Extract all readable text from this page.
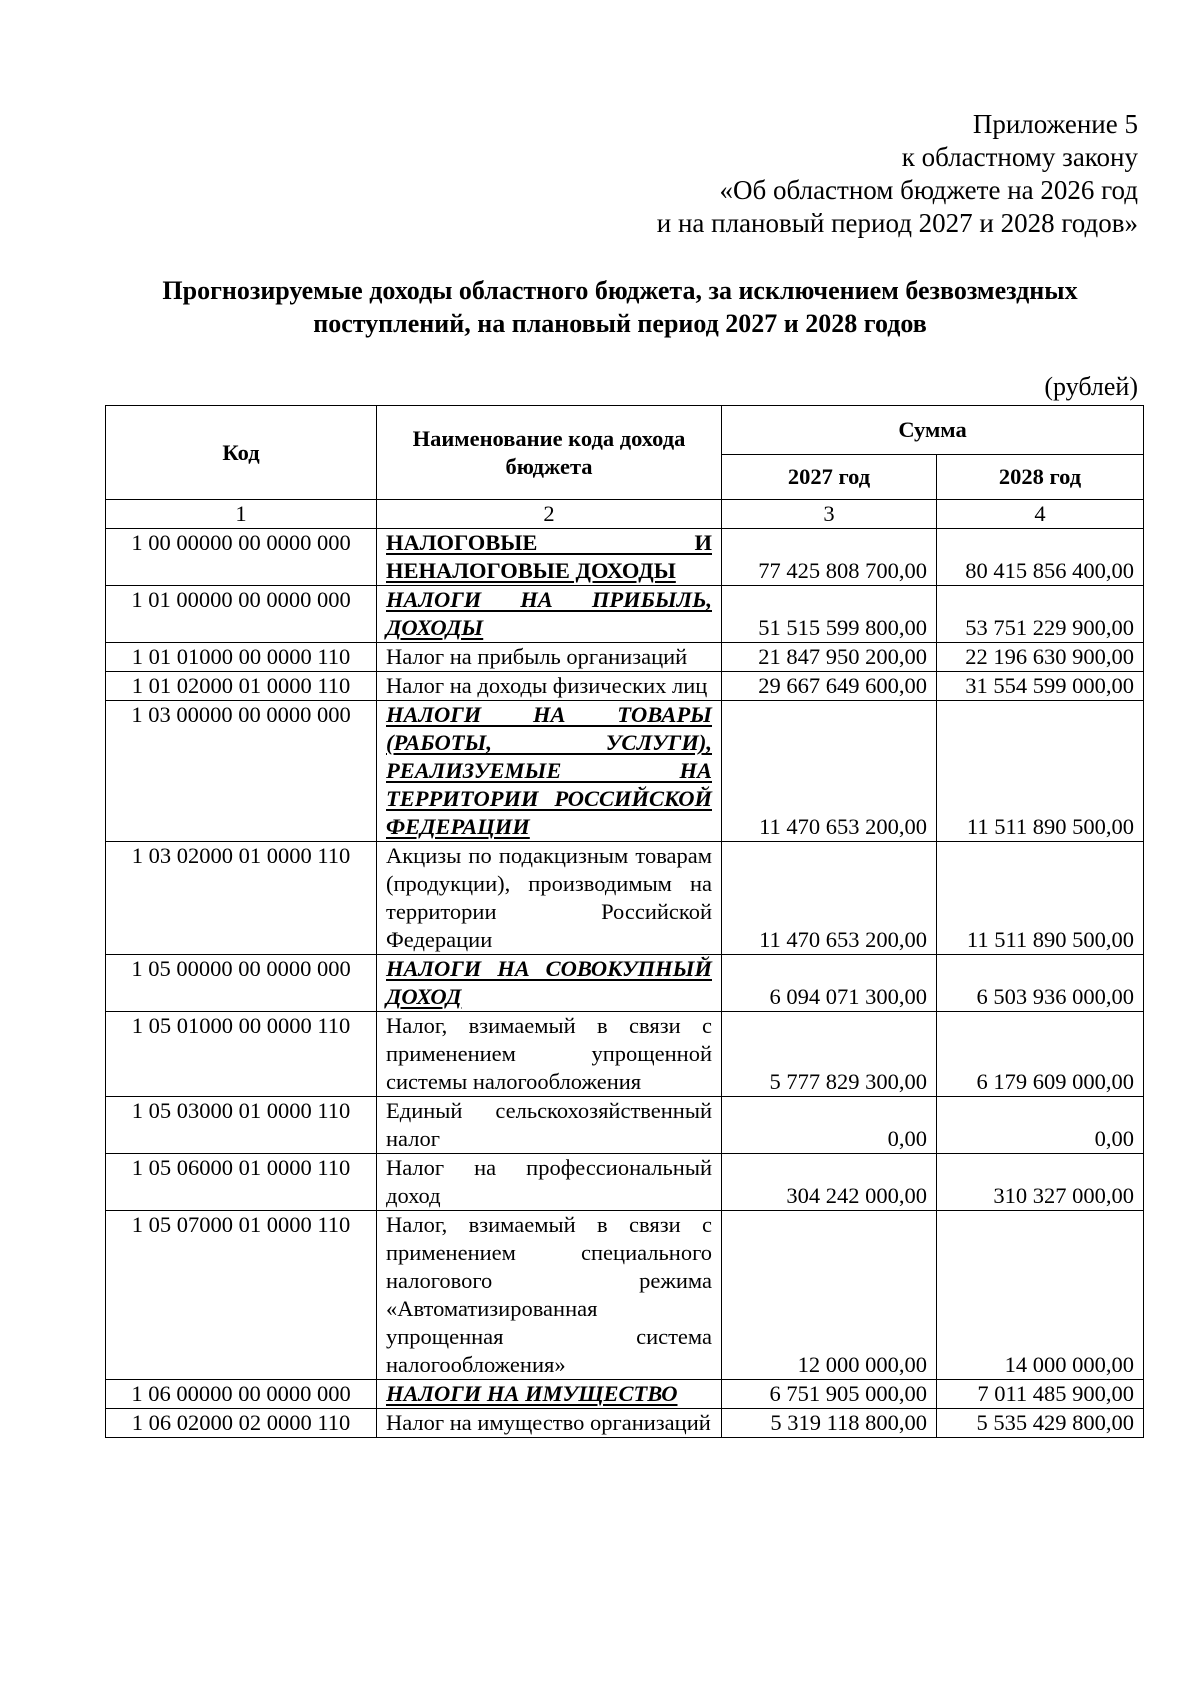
Приложение 5
к областному закону
«Об областном бюджете на 2026 год
и на плановый период 2027 и 2028 годов»
Прогнозируемые доходы областного бюджета, за исключением безвозмездных
поступлений, на плановый период 2027 и 2028 годов
(рублей)
Код	Наименование кода дохода бюджета	Сумма	
		2027 год	2028 год
1	2	3	4
1 00 00000 00 0000 000	НАЛОГОВЫЕ И НЕНАЛОГОВЫЕ ДОХОДЫ	77 425 808 700,00	80 415 856 400,00
1 01 00000 00 0000 000	НАЛОГИ НА ПРИБЫЛЬ, ДОХОДЫ	51 515 599 800,00	53 751 229 900,00
1 01 01000 00 0000 110	Налог на прибыль организаций	21 847 950 200,00	22 196 630 900,00
1 01 02000 01 0000 110	Налог на доходы физических лиц	29 667 649 600,00	31 554 599 000,00
1 03 00000 00 0000 000	НАЛОГИ НА ТОВАРЫ (РАБОТЫ, УСЛУГИ), РЕАЛИЗУЕМЫЕ НА ТЕРРИТОРИИ РОССИЙСКОЙ ФЕДЕРАЦИИ	11 470 653 200,00	11 511 890 500,00
1 03 02000 01 0000 110	Акцизы по подакцизным товарам (продукции), производимым на территории Российской Федерации	11 470 653 200,00	11 511 890 500,00
1 05 00000 00 0000 000	НАЛОГИ НА СОВОКУПНЫЙ ДОХОД	6 094 071 300,00	6 503 936 000,00
1 05 01000 00 0000 110	Налог, взимаемый в связи с применением упрощенной системы налогообложения	5 777 829 300,00	6 179 609 000,00
1 05 03000 01 0000 110	Единый сельскохозяйственный налог	0,00	0,00
1 05 06000 01 0000 110	Налог на профессиональный доход	304 242 000,00	310 327 000,00
1 05 07000 01 0000 110	Налог, взимаемый в связи с применением специального налогового режима «Автоматизированная упрощенная система налогообложения»	12 000 000,00	14 000 000,00
1 06 00000 00 0000 000	НАЛОГИ НА ИМУЩЕСТВО	6 751 905 000,00	7 011 485 900,00
1 06 02000 02 0000 110	Налог на имущество организаций	5 319 118 800,00	5 535 429 800,00
